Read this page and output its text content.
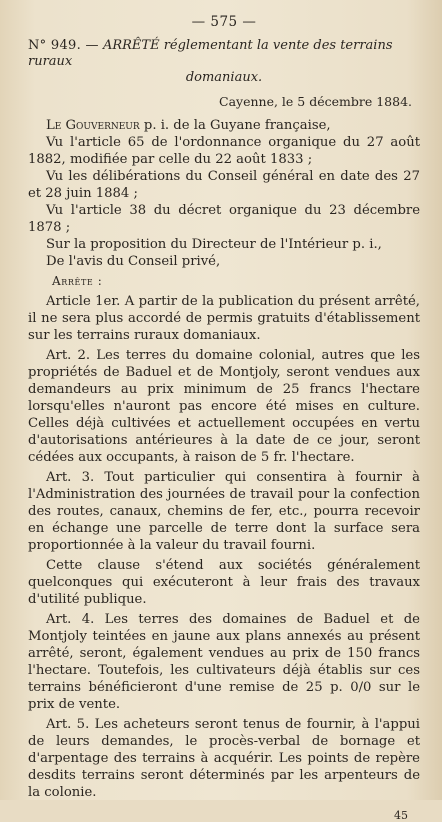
— 575 —
N° 949. — ARRÊTÉ réglementant la vente des terrains ruraux
domaniaux.
Cayenne, le 5 décembre 1884.

Le Gouverneur p. i. de la Guyane française,

Vu l'article 65 de l'ordonnance organique du 27 août 1882, modifiée par celle du 22 août 1833 ;

Vu les délibérations du Conseil général en date des 27 et 28 juin 1884 ;

Vu l'article 38 du décret organique du 23 décembre 1878 ;

Sur la proposition du Directeur de l'Intérieur p. i.,

De l'avis du Conseil privé,

Arrête :

Article 1er. A partir de la publication du présent arrêté, il ne sera plus accordé de permis gratuits d'établissement sur les terrains ruraux domaniaux.

Art. 2. Les terres du domaine colonial, autres que les propriétés de Baduel et de Montjoly, seront vendues aux demandeurs au prix minimum de 25 francs l'hectare lorsqu'elles n'auront pas encore été mises en culture. Celles déjà cultivées et actuellement occupées en vertu d'autorisations antérieures à la date de ce jour, seront cédées aux occupants, à raison de 5 fr. l'hectare.

Art. 3. Tout particulier qui consentira à fournir à l'Administration des journées de travail pour la confection des routes, canaux, chemins de fer, etc., pourra recevoir en échange une parcelle de terre dont la surface sera proportionnée à la valeur du travail fourni.

Cette clause s'étend aux sociétés généralement quelconques qui exécuteront à leur frais des travaux d'utilité publique.

Art. 4. Les terres des domaines de Baduel et de Montjoly teintées en jaune aux plans annexés au présent arrêté, seront, également vendues au prix de 150 francs l'hectare. Toutefois, les cultivateurs déjà établis sur ces terrains bénéficieront d'une remise de 25 p. 0/0 sur le prix de vente.

Art. 5. Les acheteurs seront tenus de fournir, à l'appui de leurs demandes, le procès-verbal de bornage et d'arpentage des terrains à acquérir. Les points de repère desdits terrains seront déterminés par les arpenteurs de la colonie.

45
